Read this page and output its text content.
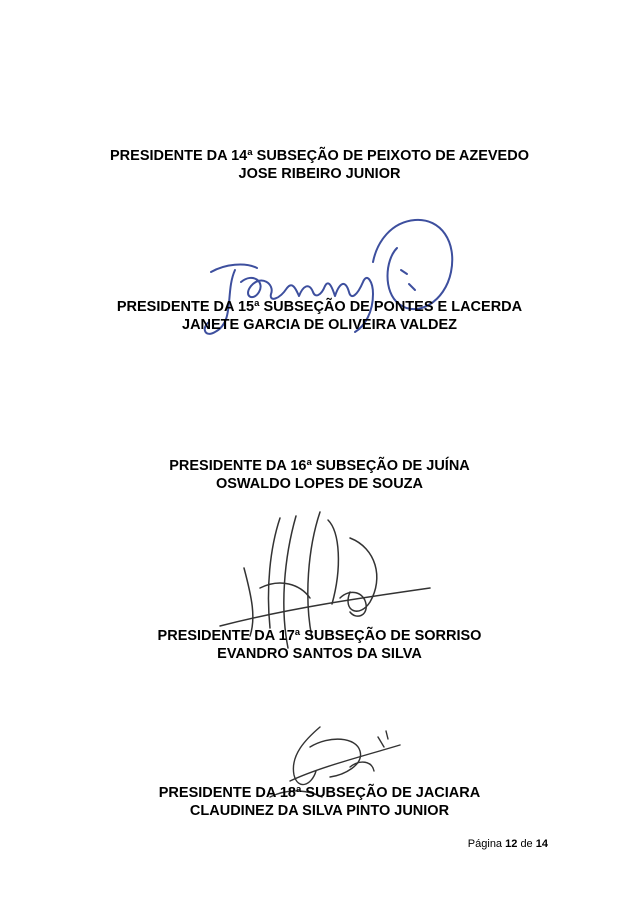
PRESIDENTE DA 14ª SUBSEÇÃO DE PEIXOTO DE AZEVEDO
JOSE RIBEIRO JUNIOR
PRESIDENTE DA 15ª SUBSEÇÃO DE PONTES E LACERDA
JANETE GARCIA DE OLIVEIRA VALDEZ
PRESIDENTE DA 16ª SUBSEÇÃO DE JUÍNA
OSWALDO LOPES DE SOUZA
PRESIDENTE DA 17ª SUBSEÇÃO DE SORRISO
EVANDRO SANTOS DA SILVA
PRESIDENTE DA 18ª SUBSEÇÃO DE JACIARA
CLAUDINEZ DA SILVA PINTO JUNIOR
Página 12 de 14
